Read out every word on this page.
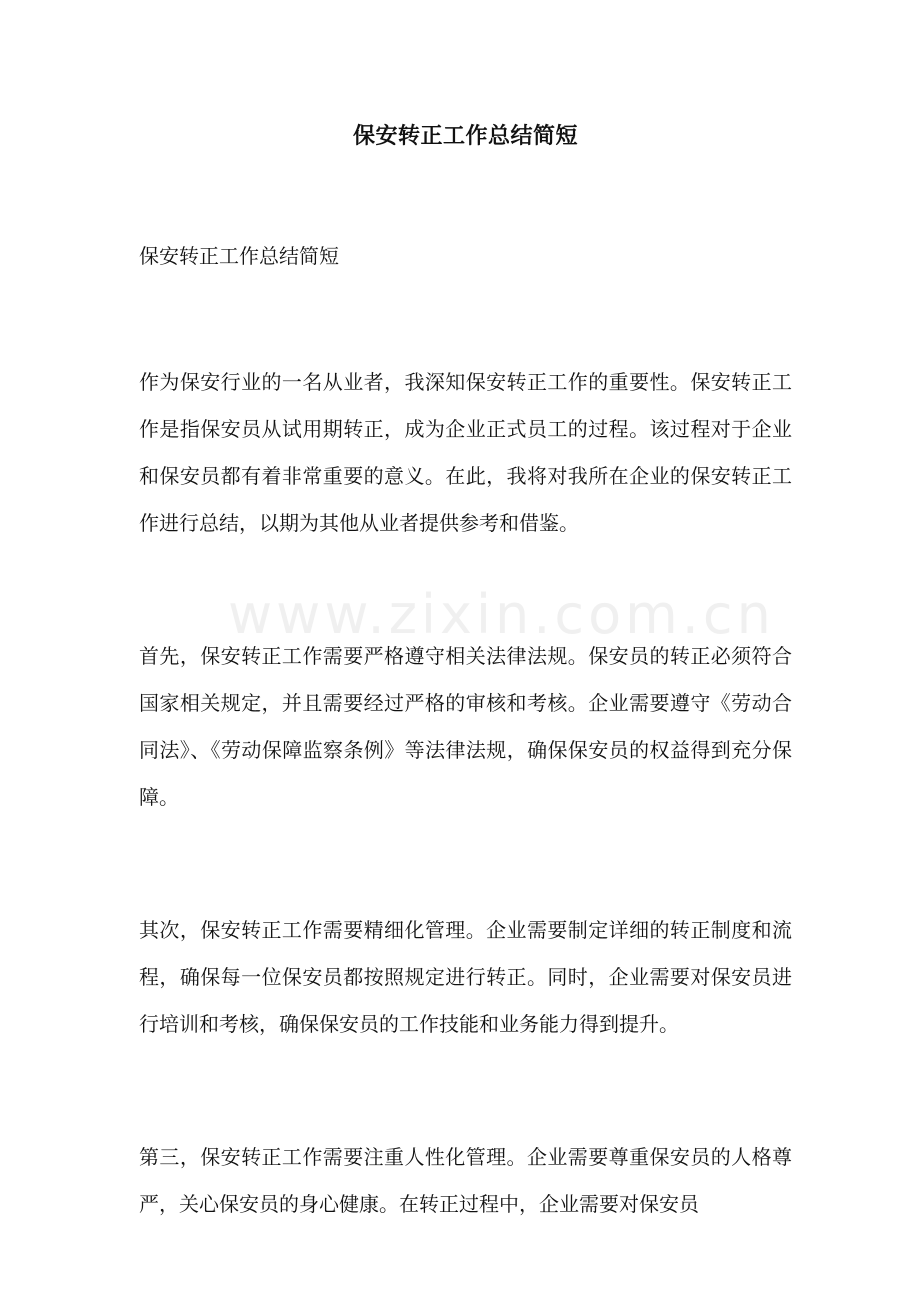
保安转正工作总结简短

保安转正工作总结简短

作为保安行业的一名从业者，我深知保安转正工作的重要性。保安转正工作是指保安员从试用期转正，成为企业正式员工的过程。该过程对于企业和保安员都有着非常重要的意义。在此，我将对我所在企业的保安转正工作进行总结，以期为其他从业者提供参考和借鉴。

首先，保安转正工作需要严格遵守相关法律法规。保安员的转正必须符合国家相关规定，并且需要经过严格的审核和考核。企业需要遵守《劳动合同法》、《劳动保障监察条例》等法律法规，确保保安员的权益得到充分保障。

其次，保安转正工作需要精细化管理。企业需要制定详细的转正制度和流程，确保每一位保安员都按照规定进行转正。同时，企业需要对保安员进行培训和考核，确保保安员的工作技能和业务能力得到提升。

第三，保安转正工作需要注重人性化管理。企业需要尊重保安员的人格尊严，关心保安员的身心健康。在转正过程中，企业需要对保安员

www.zixin.com.cn
